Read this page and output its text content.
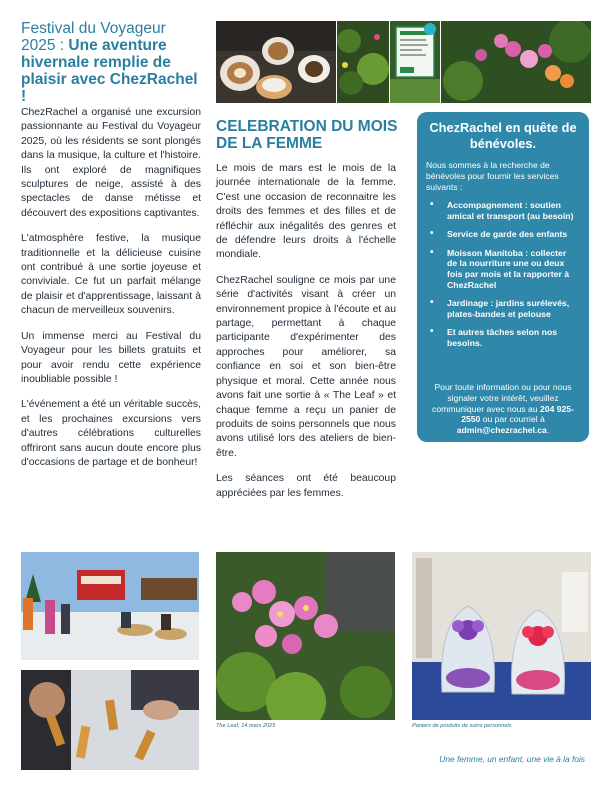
Festival du Voyageur 2025 : Une aventure hivernale remplie de plaisir avec ChezRachel !

ChezRachel a organisé une excursion passionnante au Festival du Voyageur 2025, où les résidents se sont plongés dans la musique, la culture et l'histoire. Ils ont exploré de magnifiques sculptures de neige, assisté à des spectacles de danse métisse et découvert des expositions captivantes.

L'atmosphère festive, la musique traditionnelle et la délicieuse cuisine ont contribué à une sortie joyeuse et conviviale. Ce fut un parfait mélange de plaisir et d'apprentissage, laissant à chacun de merveilleux souvenirs.

Un immense merci au Festival du Voyageur pour les billets gratuits et pour avoir rendu cette expérience inoubliable possible !

L'événement a été un véritable succès, et les prochaines excursions vers d'autres célébrations culturelles offriront sans aucun doute encore plus d'occasions de partage et de bonheur!

CELEBRATION DU MOIS DE LA FEMME

Le mois de mars est le mois de la journée internationale de la femme. C'est une occasion de reconnaitre les droits des femmes et des filles et de réfléchir aux inégalités des genres et de défendre leurs droits à l'échelle mondiale.

ChezRachel souligne ce mois par une série d'activités visant à créer un environnement propice à l'écoute et au partage, permettant à chaque participante d'expérimenter des approches pour améliorer, sa confiance en soi et son bien-être physique et moral. Cette année nous avons fait une sortie à « The Leaf » et chaque femme a reçu un panier de produits de soins personnels que nous avons utilisé lors des ateliers de bien-être.

Les séances ont été beaucoup appréciées par les femmes.

ChezRachel en quête de bénévoles.
Nous sommes à la recherche de bénévoles pour fournir les services suivants :
• Accompagnement : soutien amical et transport (au besoin)
• Service de garde des enfants
• Moisson Manitoba : collecter de la nourriture une ou deux fois par mois et la rapporter à ChezRachel
• Jardinage : jardins surélevés, plates-bandes et pelouse
• Et autres tâches selon nos besoins.
Pour toute information ou pour nous signaler votre intérêt, veuillez communiquer avec nous au 204 925-2550 ou par courriel à admin@chezrachel.ca.
The Leaf, 14 mars 2025	Paniers de produits de soins personnels
Une femme, un enfant, une vie à la fois
